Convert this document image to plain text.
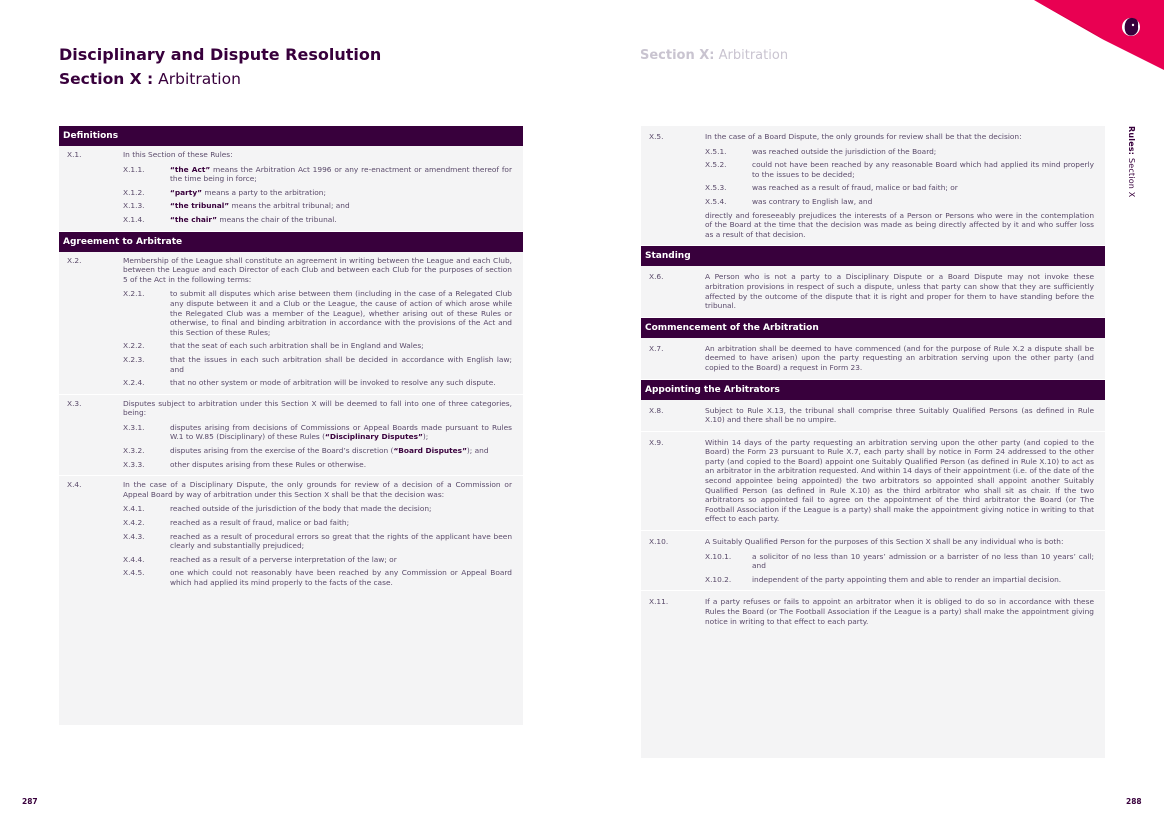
Disciplinary and Dispute Resolution
Section X : Arbitration
Section X: Arbitration
Rules: Section X
Definitions
X.1.	In this Section of these Rules:
X.1.1.	“the Act” means the Arbitration Act 1996 or any re-enactment or amendment thereof for the time being in force;
X.1.2.	“party” means a party to the arbitration;
X.1.3.	“the tribunal” means the arbitral tribunal; and
X.1.4.	“the chair” means the chair of the tribunal.
Agreement to Arbitrate
X.2.	Membership of the League shall constitute an agreement in writing between the League and each Club, between the League and each Director of each Club and between each Club for the purposes of section 5 of the Act in the following terms:
X.2.1.	to submit all disputes which arise between them (including in the case of a Relegated Club any dispute between it and a Club or the League, the cause of action of which arose while the Relegated Club was a member of the League), whether arising out of these Rules or otherwise, to final and binding arbitration in accordance with the provisions of the Act and this Section of these Rules;
X.2.2.	that the seat of each such arbitration shall be in England and Wales;
X.2.3.	that the issues in each such arbitration shall be decided in accordance with English law; and
X.2.4.	that no other system or mode of arbitration will be invoked to resolve any such dispute.
X.3.	Disputes subject to arbitration under this Section X will be deemed to fall into one of three categories, being:
X.3.1.	disputes arising from decisions of Commissions or Appeal Boards made pursuant to Rules W.1 to W.85 (Disciplinary) of these Rules (“Disciplinary Disputes”);
X.3.2.	disputes arising from the exercise of the Board’s discretion (“Board Disputes”); and
X.3.3.	other disputes arising from these Rules or otherwise.
X.4.	In the case of a Disciplinary Dispute, the only grounds for review of a decision of a Commission or Appeal Board by way of arbitration under this Section X shall be that the decision was:
X.4.1.	reached outside of the jurisdiction of the body that made the decision;
X.4.2.	reached as a result of fraud, malice or bad faith;
X.4.3.	reached as a result of procedural errors so great that the rights of the applicant have been clearly and substantially prejudiced;
X.4.4.	reached as a result of a perverse interpretation of the law; or
X.4.5.	one which could not reasonably have been reached by any Commission or Appeal Board which had applied its mind properly to the facts of the case.
X.5.	In the case of a Board Dispute, the only grounds for review shall be that the decision:
X.5.1.	was reached outside the jurisdiction of the Board;
X.5.2.	could not have been reached by any reasonable Board which had applied its mind properly to the issues to be decided;
X.5.3.	was reached as a result of fraud, malice or bad faith; or
X.5.4.	was contrary to English law, and
directly and foreseeably prejudices the interests of a Person or Persons who were in the contemplation of the Board at the time that the decision was made as being directly affected by it and who suffer loss as a result of that decision.
Standing
X.6.	A Person who is not a party to a Disciplinary Dispute or a Board Dispute may not invoke these arbitration provisions in respect of such a dispute, unless that party can show that they are sufficiently affected by the outcome of the dispute that it is right and proper for them to have standing before the tribunal.
Commencement of the Arbitration
X.7.	An arbitration shall be deemed to have commenced (and for the purpose of Rule X.2 a dispute shall be deemed to have arisen) upon the party requesting an arbitration serving upon the other party (and copied to the Board) a request in Form 23.
Appointing the Arbitrators
X.8.	Subject to Rule X.13, the tribunal shall comprise three Suitably Qualified Persons (as defined in Rule X.10) and there shall be no umpire.
X.9.	Within 14 days of the party requesting an arbitration serving upon the other party (and copied to the Board) the Form 23 pursuant to Rule X.7, each party shall by notice in Form 24 addressed to the other party (and copied to the Board) appoint one Suitably Qualified Person (as defined in Rule X.10) to act as an arbitrator in the arbitration requested. And within 14 days of their appointment (i.e. of the date of the second appointee being appointed) the two arbitrators so appointed shall appoint another Suitably Qualified Person (as defined in Rule X.10) as the third arbitrator who shall sit as chair. If the two arbitrators so appointed fail to agree on the appointment of the third arbitrator the Board (or The Football Association if the League is a party) shall make the appointment giving notice in writing to that effect to each party.
X.10.	A Suitably Qualified Person for the purposes of this Section X shall be any individual who is both:
X.10.1.	a solicitor of no less than 10 years’ admission or a barrister of no less than 10 years’ call; and
X.10.2.	independent of the party appointing them and able to render an impartial decision.
X.11.	If a party refuses or fails to appoint an arbitrator when it is obliged to do so in accordance with these Rules the Board (or The Football Association if the League is a party) shall make the appointment giving notice in writing to that effect to each party.
287	288
